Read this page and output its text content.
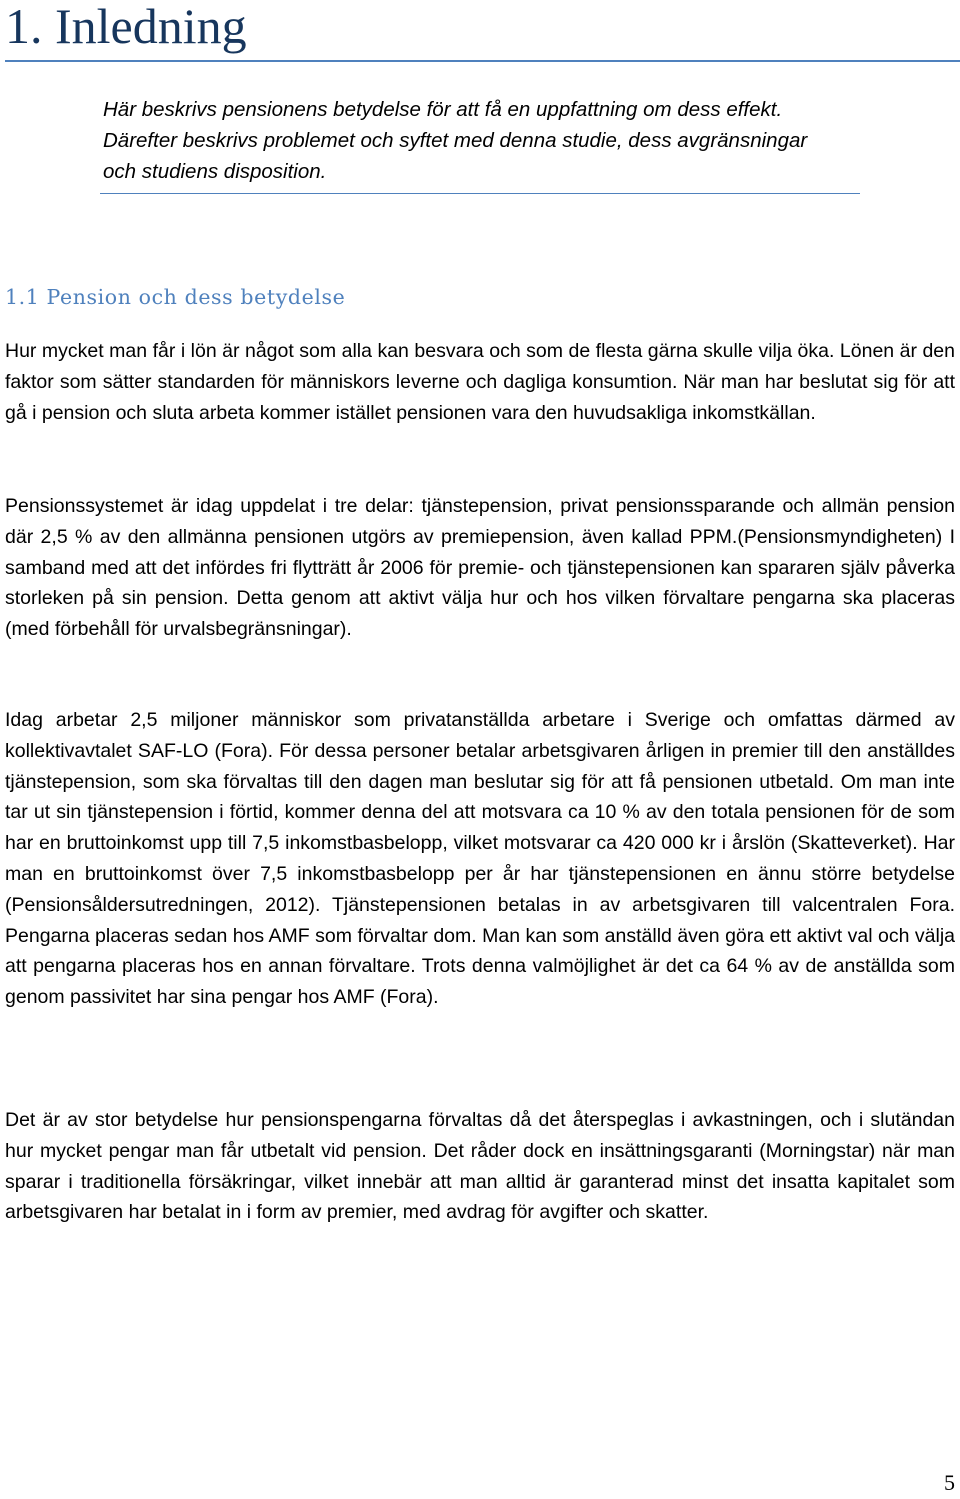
1. Inledning

Här beskrivs pensionens betydelse för att få en uppfattning om dess effekt. Därefter beskrivs problemet och syftet med denna studie, dess avgränsningar och studiens disposition.

1.1 Pension och dess betydelse

Hur mycket man får i lön är något som alla kan besvara och som de flesta gärna skulle vilja öka. Lönen är den faktor som sätter standarden för människors leverne och dagliga konsumtion. När man har beslutat sig för att gå i pension och sluta arbeta kommer istället pensionen vara den huvudsakliga inkomstkällan.

Pensionssystemet är idag uppdelat i tre delar: tjänstepension, privat pensionssparande och allmän pension där 2,5 % av den allmänna pensionen utgörs av premiepension, även kallad PPM.(Pensionsmyndigheten) I samband med att det infördes fri flytträtt år 2006 för premie- och tjänstepensionen kan spararen själv påverka storleken på sin pension. Detta genom att aktivt välja hur och hos vilken förvaltare pengarna ska placeras (med förbehåll för urvalsbegränsningar).

Idag arbetar 2,5 miljoner människor som privatanställda arbetare i Sverige och omfattas därmed av kollektivavtalet SAF-LO (Fora). För dessa personer betalar arbetsgivaren årligen in premier till den anställdes tjänstepension, som ska förvaltas till den dagen man beslutar sig för att få pensionen utbetald. Om man inte tar ut sin tjänstepension i förtid, kommer denna del att motsvara ca 10 % av den totala pensionen för de som har en bruttoinkomst upp till 7,5 inkomstbasbelopp, vilket motsvarar ca 420 000 kr i årslön (Skatteverket). Har man en bruttoinkomst över 7,5 inkomstbasbelopp per år har tjänstepensionen en ännu större betydelse (Pensionsåldersutredningen, 2012). Tjänstepensionen betalas in av arbetsgivaren till valcentralen Fora. Pengarna placeras sedan hos AMF som förvaltar dom. Man kan som anställd även göra ett aktivt val och välja att pengarna placeras hos en annan förvaltare. Trots denna valmöjlighet är det ca 64 % av de anställda som genom passivitet har sina pengar hos AMF (Fora).

Det är av stor betydelse hur pensionspengarna förvaltas då det återspeglas i avkastningen, och i slutändan hur mycket pengar man får utbetalt vid pension. Det råder dock en insättningsgaranti (Morningstar) när man sparar i traditionella försäkringar, vilket innebär att man alltid är garanterad minst det insatta kapitalet som arbetsgivaren har betalat in i form av premier, med avdrag för avgifter och skatter.

5
